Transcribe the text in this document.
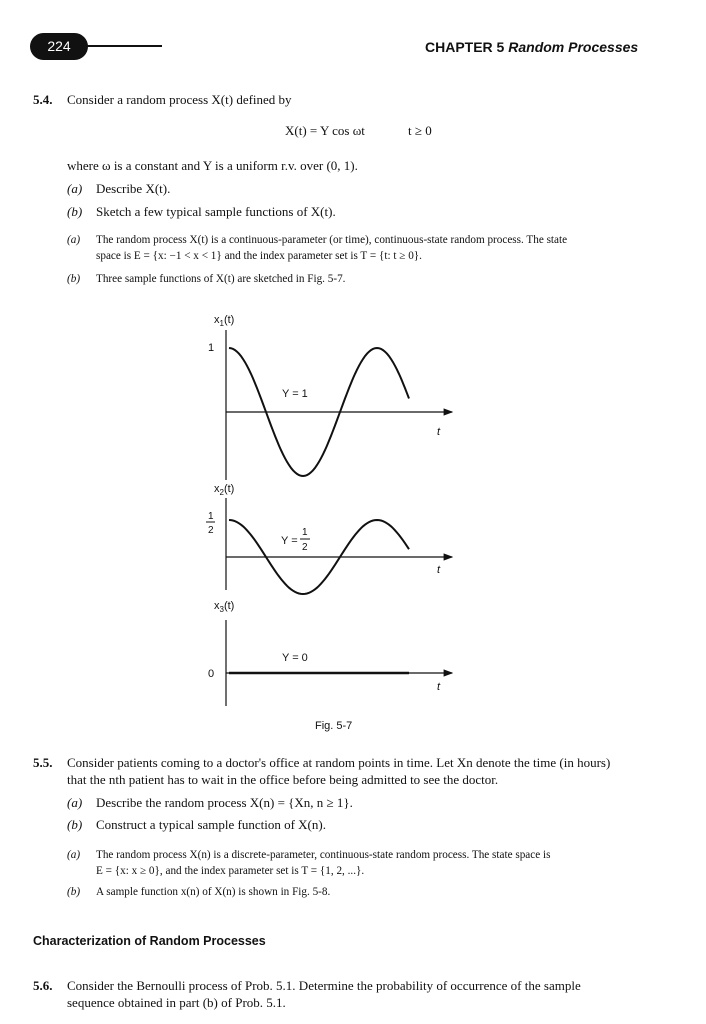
224	CHAPTER 5 Random Processes
5.4. Consider a random process X(t) defined by
X(t) = Y cos ωt	t ≥ 0
where ω is a constant and Y is a uniform r.v. over (0, 1).
(a) Describe X(t).
(b) Sketch a few typical sample functions of X(t).
(a) The random process X(t) is a continuous-parameter (or time), continuous-state random process. The state
space is E = {x: −1 < x < 1} and the index parameter set is T = {t: t ≥ 0}.
(b) Three sample functions of X(t) are sketched in Fig. 5-7.
$x_1(t)$
1
Y = 1
t
$x_2(t)$
1
2
Y =
1
2
t
$x_3(t)$
0
Y = 0
t
Fig. 5-7
5.5. Consider patients coming to a doctor's office at random points in time. Let Xn denote the time (in hours)
that the nth patient has to wait in the office before being admitted to see the doctor.
(a) Describe the random process X(n) = {Xn, n ≥ 1}.
(b) Construct a typical sample function of X(n).
(a) The random process X(n) is a discrete-parameter, continuous-state random process. The state space is
E = {x: x ≥ 0}, and the index parameter set is T = {1, 2, ...}.
(b) A sample function x(n) of X(n) is shown in Fig. 5-8.
Characterization of Random Processes
5.6. Consider the Bernoulli process of Prob. 5.1. Determine the probability of occurrence of the sample
sequence obtained in part (b) of Prob. 5.1.
